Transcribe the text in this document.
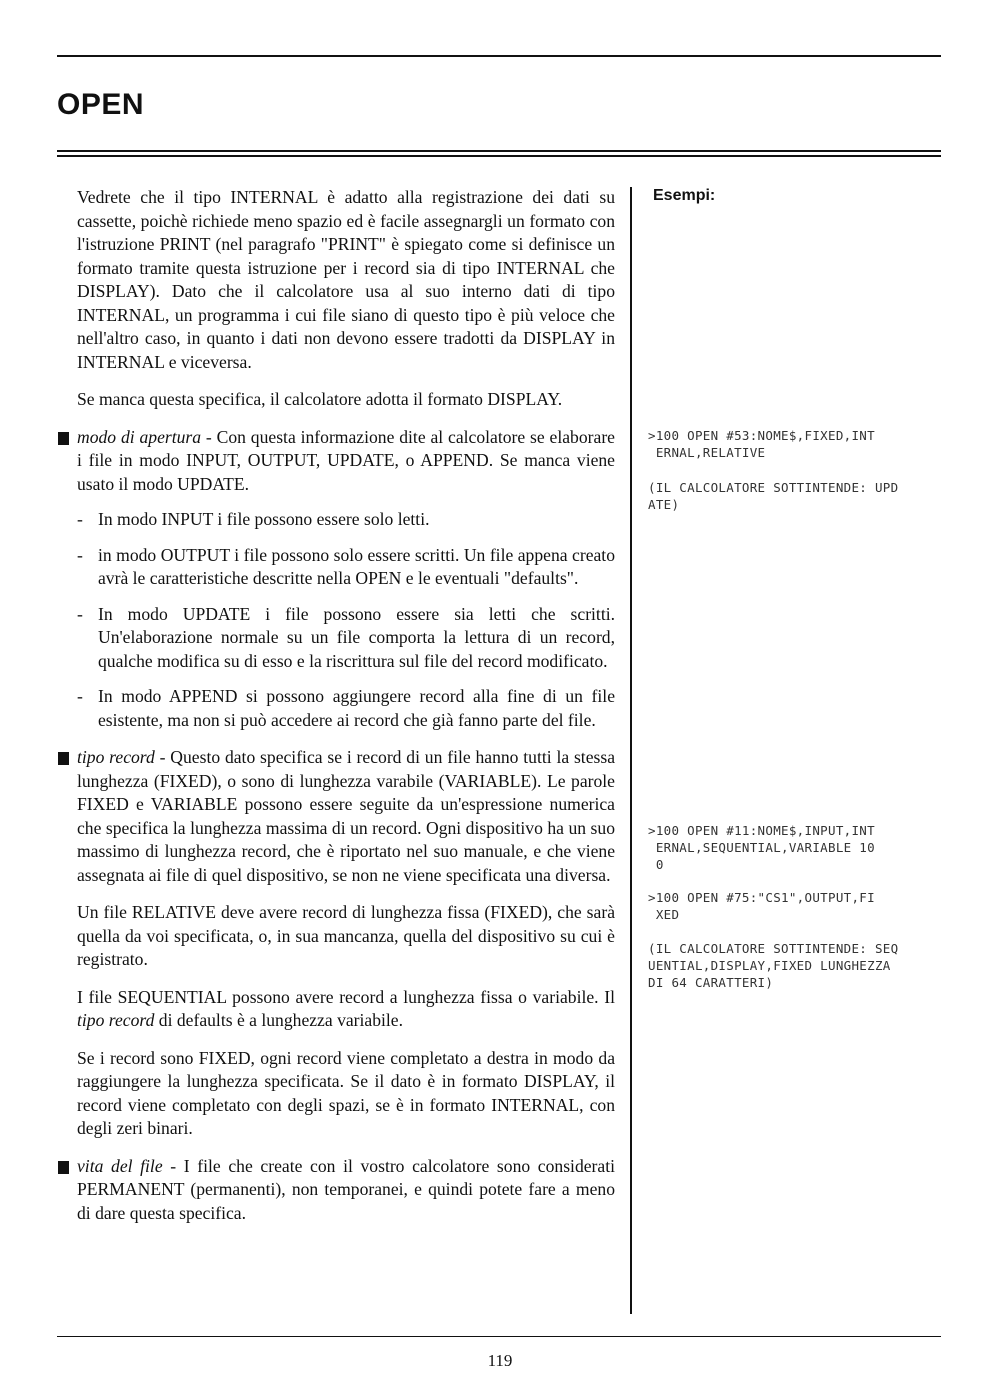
OPEN

Vedrete che il tipo INTERNAL è adatto alla registrazione dei dati su cassette, poichè richiede meno spazio ed è facile assegnargli un formato con l'istruzione PRINT (nel paragrafo "PRINT" è spiegato come si definisce un formato tramite questa istruzione per i record sia di tipo INTERNAL che DISPLAY). Dato che il calcolatore usa al suo interno dati di tipo INTERNAL, un programma i cui file siano di questo tipo è più veloce che nell'altro caso, in quanto i dati non devono essere tradotti da DISPLAY in INTERNAL e viceversa.

Se manca questa specifica, il calcolatore adotta il formato DISPLAY.

modo di apertura - Con questa informazione dite al calcolatore se elaborare i file in modo INPUT, OUTPUT, UPDATE, o APPEND. Se manca viene usato il modo UPDATE.

- In modo INPUT i file possono essere solo letti.

- in modo OUTPUT i file possono solo essere scritti. Un file appena creato avrà le caratteristiche descritte nella OPEN e le eventuali "defaults".

- In modo UPDATE i file possono essere sia letti che scritti. Un'elaborazione normale su un file comporta la lettura di un record, qualche modifica su di esso e la riscrittura sul file del record modificato.

- In modo APPEND si possono aggiungere record alla fine di un file esistente, ma non si può accedere ai record che già fanno parte del file.

tipo record - Questo dato specifica se i record di un file hanno tutti la stessa lunghezza (FIXED), o sono di lunghezza varabile (VARIABLE). Le parole FIXED e VARIABLE possono essere seguite da un'espressione numerica che specifica la lunghezza massima di un record. Ogni dispositivo ha un suo massimo di lunghezza record, che è riportato nel suo manuale, e che viene assegnata ai file di quel dispositivo, se non ne viene specificata una diversa.

Un file RELATIVE deve avere record di lunghezza fissa (FIXED), che sarà quella da voi specificata, o, in sua mancanza, quella del dispositivo su cui è registrato.

I file SEQUENTIAL possono avere record a lunghezza fissa o variabile. Il tipo record di defaults è a lunghezza variabile.

Se i record sono FIXED, ogni record viene completato a destra in modo da raggiungere la lunghezza specificata. Se il dato è in formato DISPLAY, il record viene completato con degli spazi, se è in formato INTERNAL, con degli zeri binari.

vita del file - I file che create con il vostro calcolatore sono considerati PERMANENT (permanenti), non temporanei, e quindi potete fare a meno di dare questa specifica.

Esempi:
>100 OPEN #53:NOME$,FIXED,INT
ERNAL,RELATIVE
(IL CALCOLATORE SOTTINTENDE: UPD
ATE)
>100 OPEN #11:NOME$,INPUT,INT
ERNAL,SEQUENTIAL,VARIABLE 10
0
>100 OPEN #75:"CS1",OUTPUT,FI
XED
(IL CALCOLATORE SOTTINTENDE: SEQ
UENTIAL,DISPLAY,FIXED LUNGHEZZA
DI 64 CARATTERI)
119
